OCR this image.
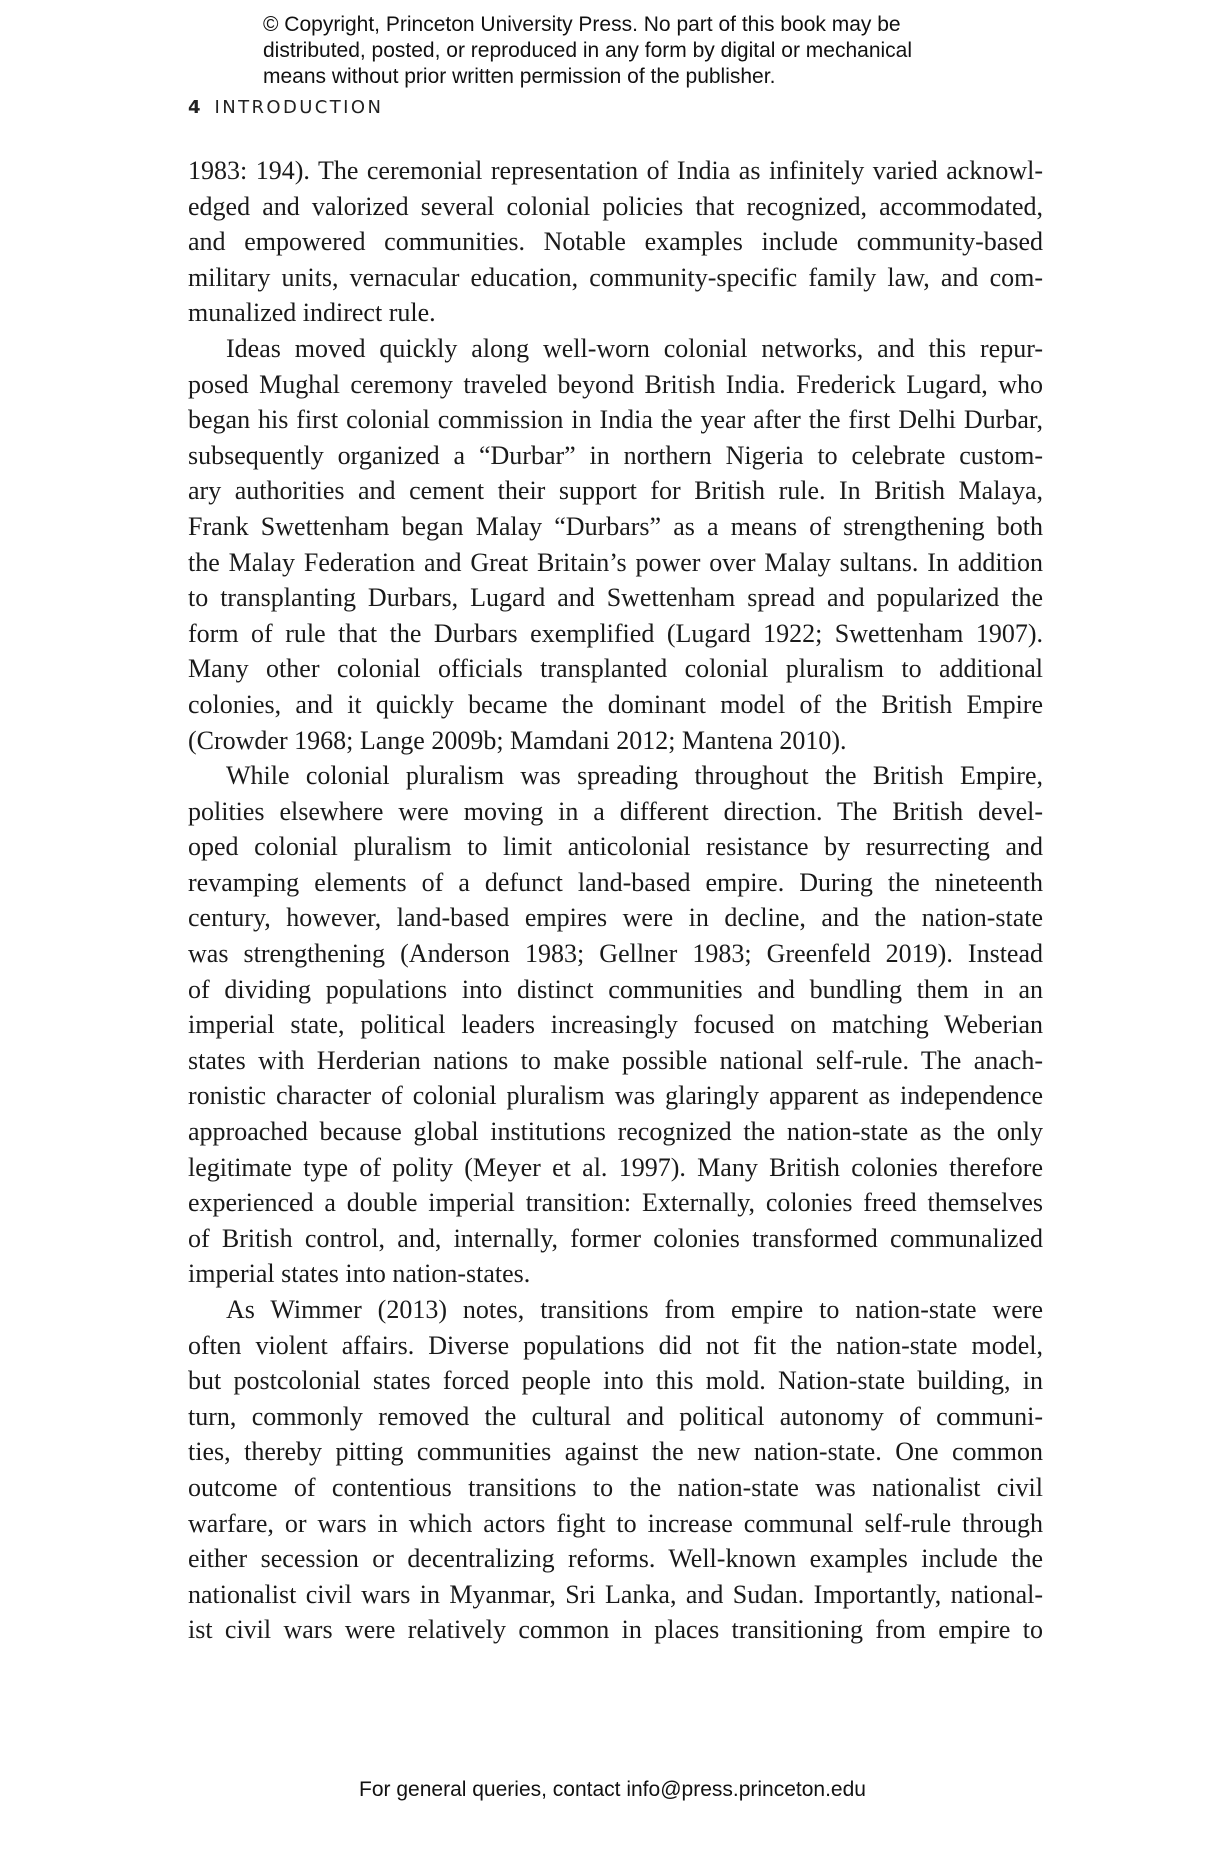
© Copyright, Princeton University Press. No part of this book may be
distributed, posted, or reproduced in any form by digital or mechanical
means without prior written permission of the publisher.
4 INTRODUCTION
1983: 194). The ceremonial representation of India as infinitely varied acknowl-
edged and valorized several colonial policies that recognized, accommodated,
and empowered communities. Notable examples include community-based
military units, vernacular education, community-specific family law, and com-
munalized indirect rule.
Ideas moved quickly along well-worn colonial networks, and this repur-
posed Mughal ceremony traveled beyond British India. Frederick Lugard, who
began his first colonial commission in India the year after the first Delhi Durbar,
subsequently organized a “Durbar” in northern Nigeria to celebrate custom-
ary authorities and cement their support for British rule. In British Malaya,
Frank Swettenham began Malay “Durbars” as a means of strengthening both
the Malay Federation and Great Britain’s power over Malay sultans. In addition
to transplanting Durbars, Lugard and Swettenham spread and popularized the
form of rule that the Durbars exemplified (Lugard 1922; Swettenham 1907).
Many other colonial officials transplanted colonial pluralism to additional
colonies, and it quickly became the dominant model of the British Empire
(Crowder 1968; Lange 2009b; Mamdani 2012; Mantena 2010).
While colonial pluralism was spreading throughout the British Empire,
polities elsewhere were moving in a different direction. The British devel-
oped colonial pluralism to limit anticolonial resistance by resurrecting and
revamping elements of a defunct land-based empire. During the nineteenth
century, however, land-based empires were in decline, and the nation-state
was strengthening (Anderson 1983; Gellner 1983; Greenfeld 2019). Instead
of dividing populations into distinct communities and bundling them in an
imperial state, political leaders increasingly focused on matching Weberian
states with Herderian nations to make possible national self-rule. The anach-
ronistic character of colonial pluralism was glaringly apparent as independence
approached because global institutions recognized the nation-state as the only
legitimate type of polity (Meyer et al. 1997). Many British colonies therefore
experienced a double imperial transition: Externally, colonies freed themselves
of British control, and, internally, former colonies transformed communalized
imperial states into nation-states.
As Wimmer (2013) notes, transitions from empire to nation-state were
often violent affairs. Diverse populations did not fit the nation-state model,
but postcolonial states forced people into this mold. Nation-state building, in
turn, commonly removed the cultural and political autonomy of communi-
ties, thereby pitting communities against the new nation-state. One common
outcome of contentious transitions to the nation-state was nationalist civil
warfare, or wars in which actors fight to increase communal self-rule through
either secession or decentralizing reforms. Well-known examples include the
nationalist civil wars in Myanmar, Sri Lanka, and Sudan. Importantly, national-
ist civil wars were relatively common in places transitioning from empire to
For general queries, contact info@press.princeton.edu
